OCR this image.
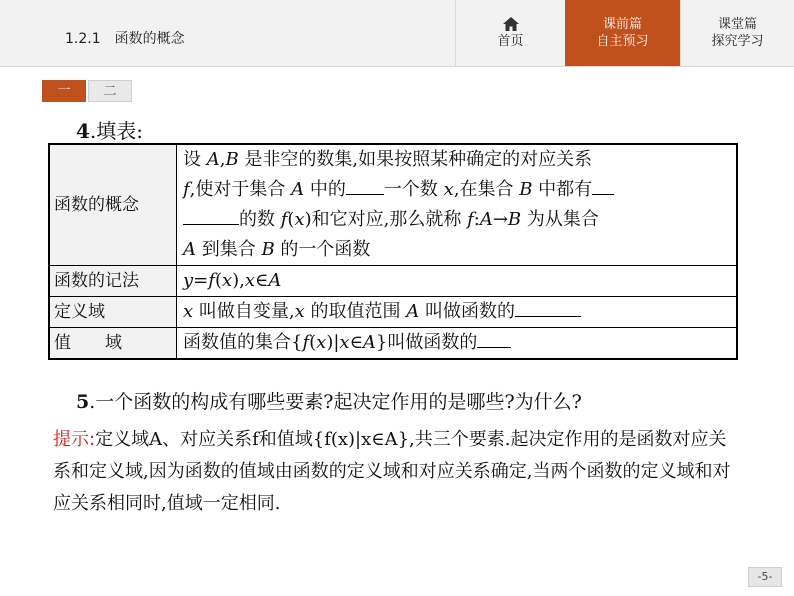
1.2.1　函数的概念	首页
课前篇
自主预习
课堂篇
探究学习
一	二
4.填表:
函数的概念	设 A,B 是非空的数集,如果按照某种确定的对应关系
f,使对于集合 A 中的 一个数 x,在集合 B 中都有
的数 f(x)和它对应,那么就称 f:A→B 为从集合
A 到集合 B 的一个函数
函数的记法	y=f(x),x∈A
定义域	x 叫做自变量,x 的取值范围 A 叫做函数的
值　　域	函数值的集合{f(x)|x∈A}叫做函数的
5.一个函数的构成有哪些要素?起决定作用的是哪些?为什么?
提示:定义域A、对应关系f和值域{f(x)|x∈A},共三个要素.起决定作用的是函数对应关系和定义域,因为函数的值域由函数的定义域和对应关系确定,当两个函数的定义域和对应关系相同时,值域一定相同.
-5-
